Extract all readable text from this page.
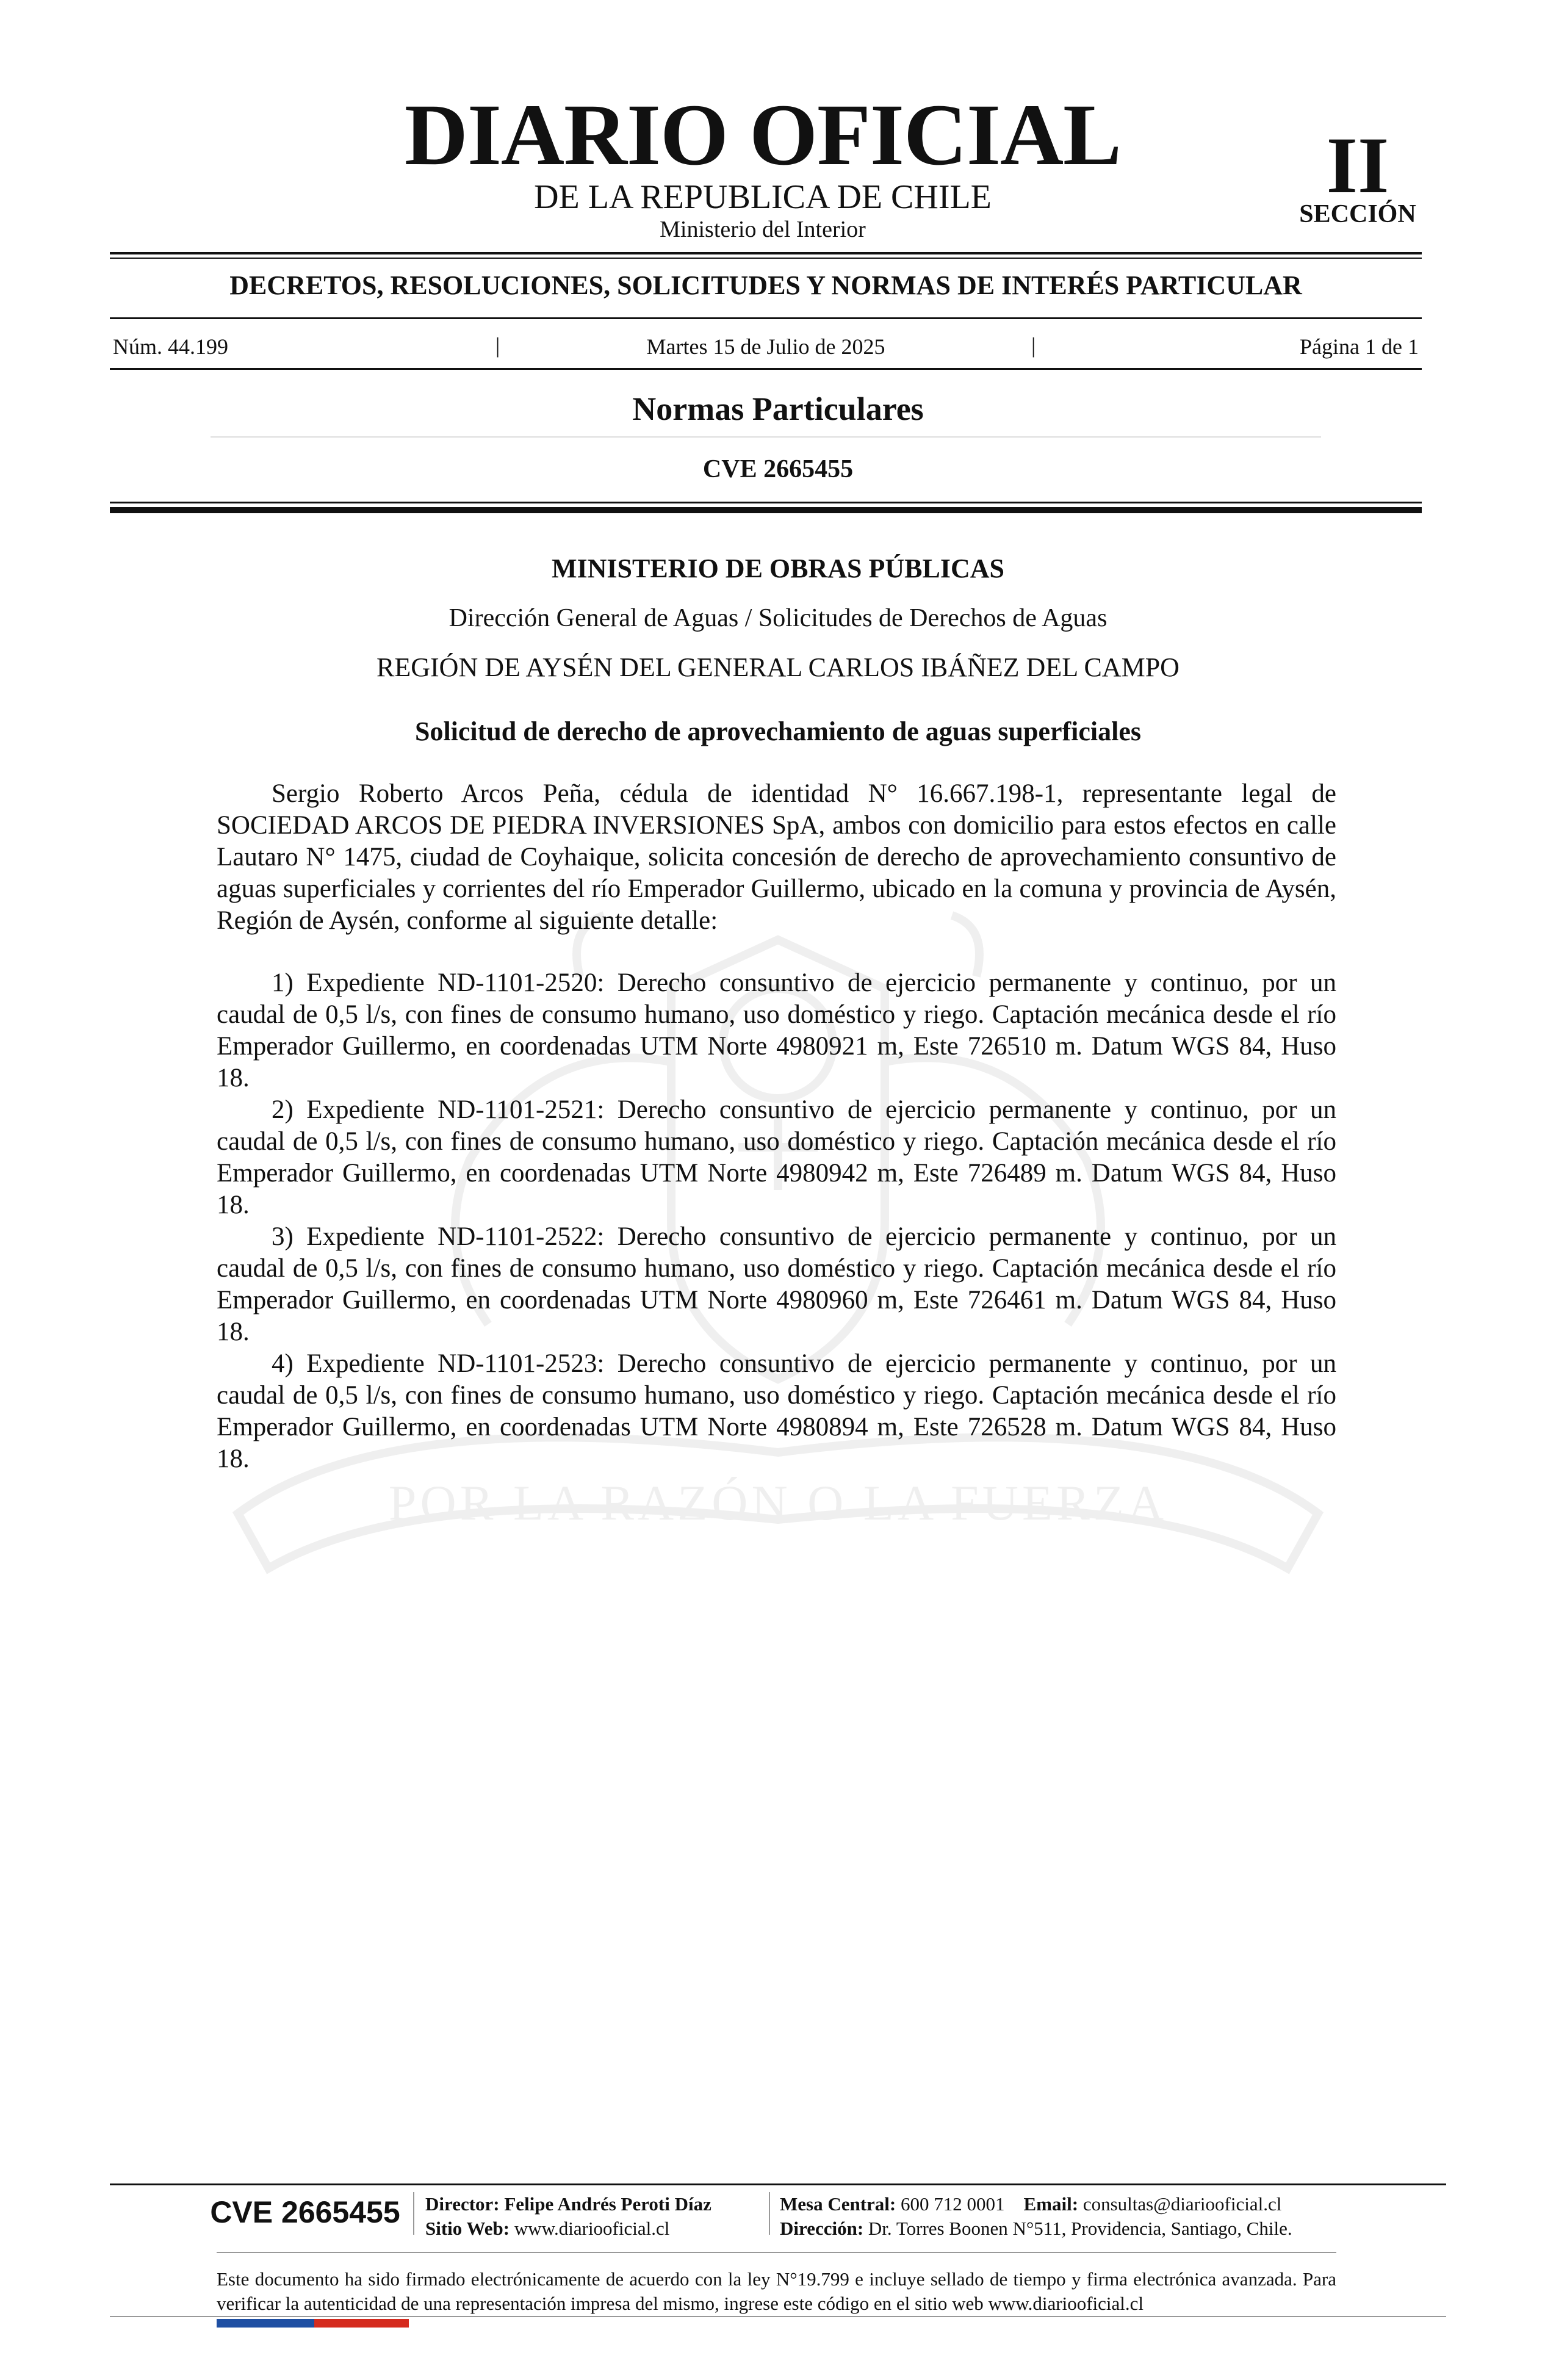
POR LA RAZÓN O LA FUERZA
DIARIO OFICIAL
DE LA REPUBLICA DE CHILE
Ministerio del Interior
II
SECCIÓN
DECRETOS, RESOLUCIONES, SOLICITUDES Y NORMAS DE INTERÉS PARTICULAR
Núm. 44.199	|	Martes 15 de Julio de 2025	|	Página 1 de 1
Normas Particulares
CVE 2665455
MINISTERIO DE OBRAS PÚBLICAS
Dirección General de Aguas / Solicitudes de Derechos de Aguas
REGIÓN DE AYSÉN DEL GENERAL CARLOS IBÁÑEZ DEL CAMPO
Solicitud de derecho de aprovechamiento de aguas superficiales

Sergio Roberto Arcos Peña, cédula de identidad N° 16.667.198-1, representante legal de SOCIEDAD ARCOS DE PIEDRA INVERSIONES SpA, ambos con domicilio para estos efectos en calle Lautaro N° 1475, ciudad de Coyhaique, solicita concesión de derecho de aprovechamiento consuntivo de aguas superficiales y corrientes del río Emperador Guillermo, ubicado en la comuna y provincia de Aysén, Región de Aysén, conforme al siguiente detalle:

1) Expediente ND-1101-2520: Derecho consuntivo de ejercicio permanente y continuo, por un caudal de 0,5 l/s, con fines de consumo humano, uso doméstico y riego. Captación mecánica desde el río Emperador Guillermo, en coordenadas UTM Norte 4980921 m, Este 726510 m. Datum WGS 84, Huso 18.

2) Expediente ND-1101-2521: Derecho consuntivo de ejercicio permanente y continuo, por un caudal de 0,5 l/s, con fines de consumo humano, uso doméstico y riego. Captación mecánica desde el río Emperador Guillermo, en coordenadas UTM Norte 4980942 m, Este 726489 m. Datum WGS 84, Huso 18.

3) Expediente ND-1101-2522: Derecho consuntivo de ejercicio permanente y continuo, por un caudal de 0,5 l/s, con fines de consumo humano, uso doméstico y riego. Captación mecánica desde el río Emperador Guillermo, en coordenadas UTM Norte 4980960 m, Este 726461 m. Datum WGS 84, Huso 18.

4) Expediente ND-1101-2523: Derecho consuntivo de ejercicio permanente y continuo, por un caudal de 0,5 l/s, con fines de consumo humano, uso doméstico y riego. Captación mecánica desde el río Emperador Guillermo, en coordenadas UTM Norte 4980894 m, Este 726528 m. Datum WGS 84, Huso 18.

CVE 2665455	Director: Felipe Andrés Peroti Díaz
Sitio Web: www.diariooficial.cl
Mesa Central: 600 712 0001 Email: consultas@diariooficial.cl
Dirección: Dr. Torres Boonen N°511, Providencia, Santiago, Chile.
Este documento ha sido firmado electrónicamente de acuerdo con la ley N°19.799 e incluye sellado de tiempo y firma electrónica avanzada. Para verificar la autenticidad de una representación impresa del mismo, ingrese este código en el sitio web www.diariooficial.cl
